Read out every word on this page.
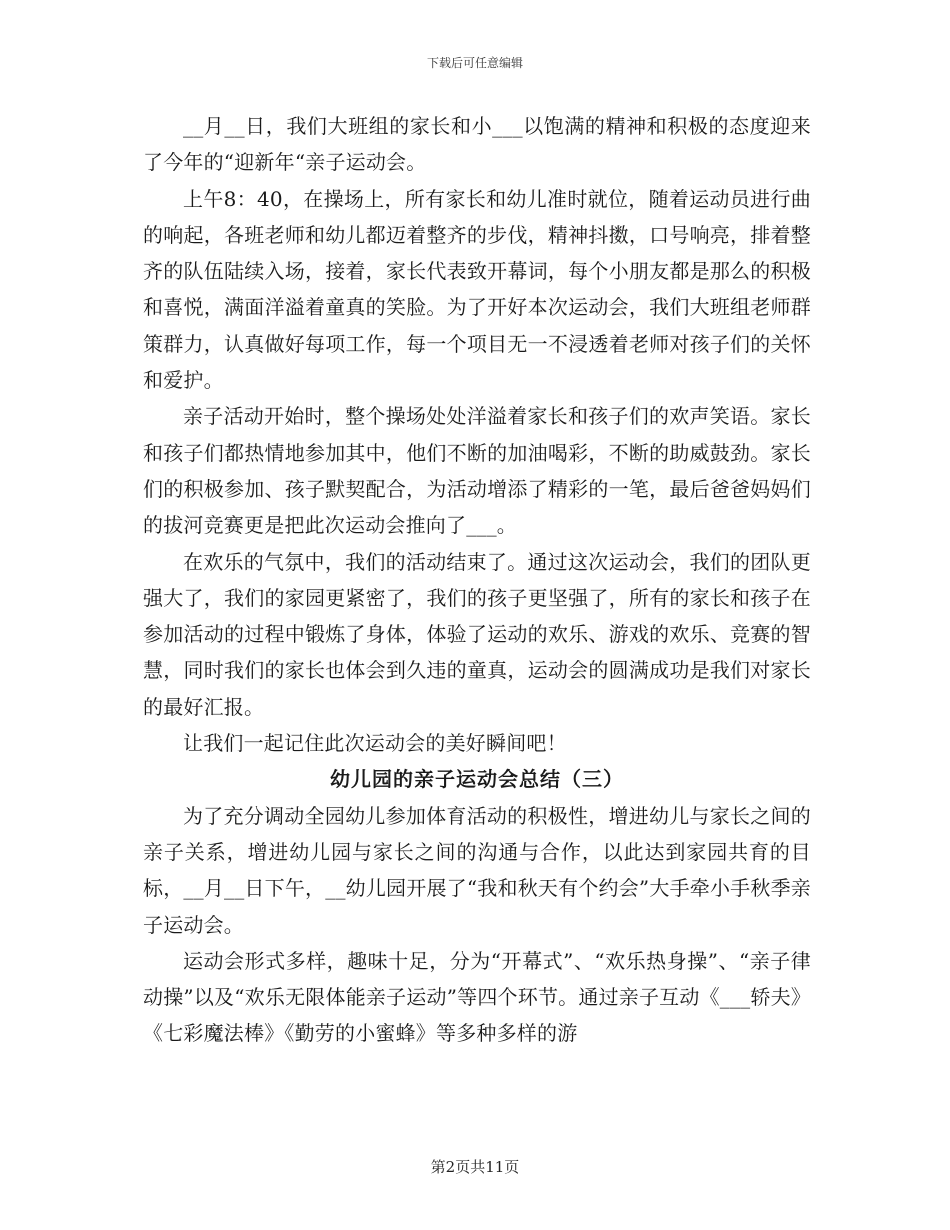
下载后可任意编辑

__月__日，我们大班组的家长和小___以饱满的精神和积极的态度迎来了今年的“迎新年“亲子运动会。

上午8：40，在操场上，所有家长和幼儿准时就位，随着运动员进行曲的响起，各班老师和幼儿都迈着整齐的步伐，精神抖擞，口号响亮，排着整齐的队伍陆续入场，接着，家长代表致开幕词，每个小朋友都是那么的积极和喜悦，满面洋溢着童真的笑脸。为了开好本次运动会，我们大班组老师群策群力，认真做好每项工作，每一个项目无一不浸透着老师对孩子们的关怀和爱护。

亲子活动开始时，整个操场处处洋溢着家长和孩子们的欢声笑语。家长和孩子们都热情地参加其中，他们不断的加油喝彩，不断的助威鼓劲。家长们的积极参加、孩子默契配合，为活动增添了精彩的一笔，最后爸爸妈妈们的拔河竞赛更是把此次运动会推向了___。

在欢乐的气氛中，我们的活动结束了。通过这次运动会，我们的团队更强大了，我们的家园更紧密了，我们的孩子更坚强了，所有的家长和孩子在参加活动的过程中锻炼了身体，体验了运动的欢乐、游戏的欢乐、竞赛的智慧，同时我们的家长也体会到久违的童真，运动会的圆满成功是我们对家长的最好汇报。

让我们一起记住此次运动会的美好瞬间吧！

幼儿园的亲子运动会总结（三）

为了充分调动全园幼儿参加体育活动的积极性，增进幼儿与家长之间的亲子关系，增进幼儿园与家长之间的沟通与合作，以此达到家园共育的目标，__月__日下午，__幼儿园开展了“我和秋天有个约会”大手牵小手秋季亲子运动会。

运动会形式多样，趣味十足，分为“开幕式”、“欢乐热身操”、“亲子律动操”以及“欢乐无限体能亲子运动”等四个环节。通过亲子互动《___轿夫》《七彩魔法棒》《勤劳的小蜜蜂》等多种多样的游

第2页共11页
